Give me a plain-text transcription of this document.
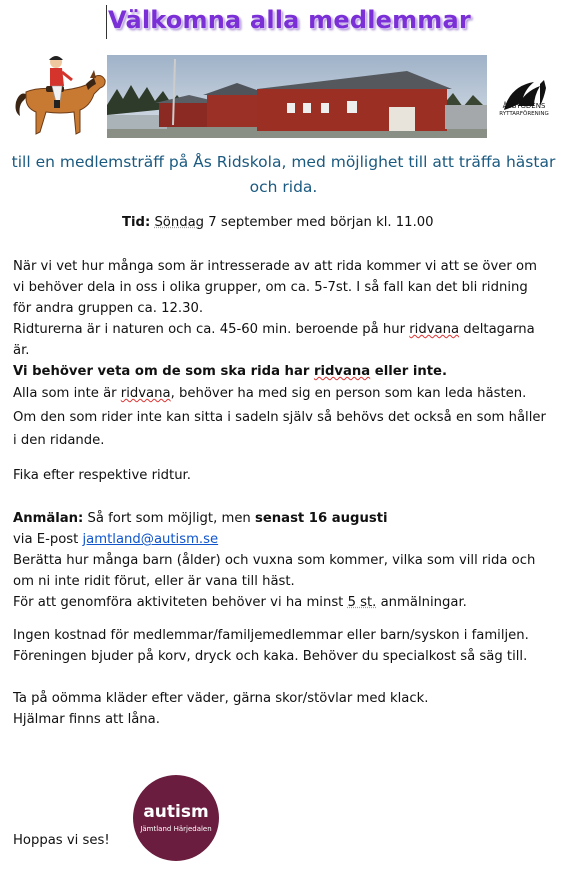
Välkomna alla medlemmar
ÅSBYGDENS
RYTTARFÖRENING
till en medlemsträff på Ås Ridskola, med möjlighet till att träffa hästar
och rida.
Tid: Söndag 7 september med början kl. 11.00
När vi vet hur många som är intresserade av att rida kommer vi att se över om
vi behöver dela in oss i olika grupper, om ca. 5-7st. I så fall kan det bli ridning
för andra gruppen ca. 12.30.
Ridturerna är i naturen och ca. 45-60 min. beroende på hur ridvana deltagarna
är.
Vi behöver veta om de som ska rida har ridvana eller inte.
Alla som inte är ridvana, behöver ha med sig en person som kan leda hästen.
Om den som rider inte kan sitta i sadeln själv så behövs det också en som håller
i den ridande.
Fika efter respektive ridtur.
Anmälan: Så fort som möjligt, men senast 16 augusti
via E-post jamtland@autism.se
Berätta hur många barn (ålder) och vuxna som kommer, vilka som vill rida och
om ni inte ridit förut, eller är vana till häst.
För att genomföra aktiviteten behöver vi ha minst 5 st. anmälningar.
Ingen kostnad för medlemmar/familjemedlemmar eller barn/syskon i familjen.
Föreningen bjuder på korv, dryck och kaka. Behöver du specialkost så säg till.
Ta på oömma kläder efter väder, gärna skor/stövlar med klack.
Hjälmar finns att låna.
Hoppas vi ses!
autism
Jämtland Härjedalen
